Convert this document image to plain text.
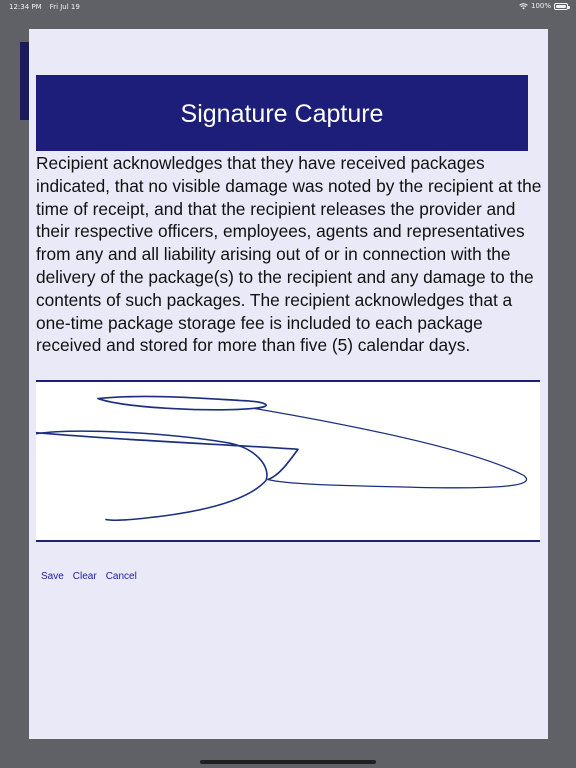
12:34 PM Fri Jul 19	100%
Signature Capture
Recipient acknowledges that they have received packages indicated, that no visible damage was noted by the recipient at the time of receipt, and that the recipient releases the provider and their respective officers, employees, agents and representatives from any and all liability arising out of or in connection with the delivery of the package(s) to the recipient and any damage to the contents of such packages. The recipient acknowledges that a one-time package storage fee is included to each package received and stored for more than five (5) calendar days.
Save Clear Cancel
